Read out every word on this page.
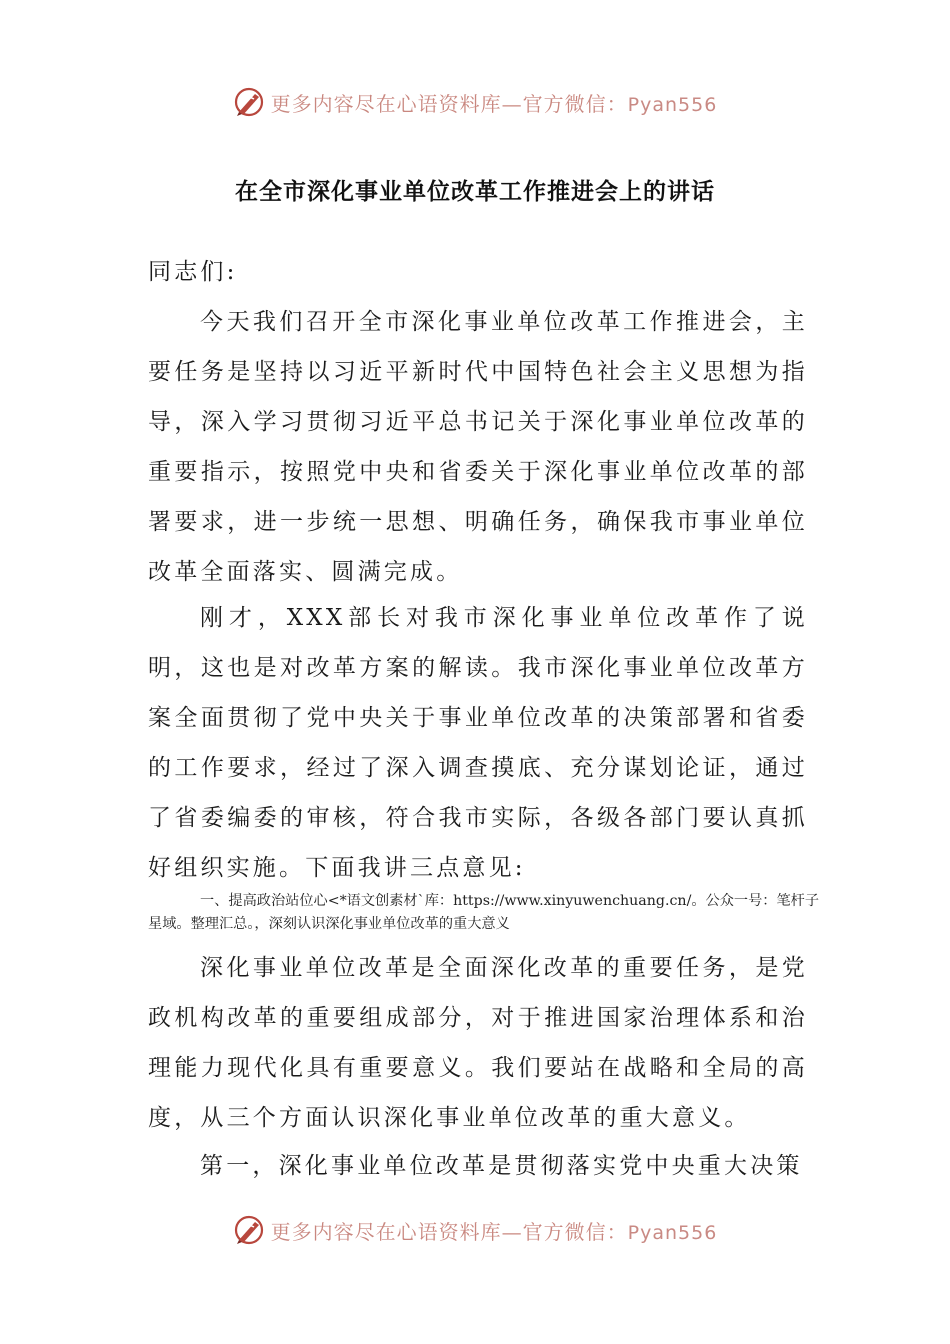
更多内容尽在心语资料库—官方微信：Pyan556
在全市深化事业单位改革工作推进会上的讲话

同志们:

今天我们召开全市深化事业单位改革工作推进会，主要任务是坚持以习近平新时代中国特色社会主义思想为指导，深入学习贯彻习近平总书记关于深化事业单位改革的重要指示，按照党中央和省委关于深化事业单位改革的部署要求，进一步统一思想、明确任务，确保我市事业单位改革全面落实、圆满完成。

刚才，XXX部长对我市深化事业单位改革作了说明，这也是对改革方案的解读。我市深化事业单位改革方案全面贯彻了党中央关于事业单位改革的决策部署和省委的工作要求，经过了深入调查摸底、充分谋划论证，通过了省委编委的审核，符合我市实际，各级各部门要认真抓好组织实施。下面我讲三点意见:

一、提高政治站位心<*语文创素材`库：https://www.xinyuwenchuang.cn/。公众一号：笔杆子星域。整理汇总。，深刻认识深化事业单位改革的重大意义

深化事业单位改革是全面深化改革的重要任务，是党政机构改革的重要组成部分，对于推进国家治理体系和治理能力现代化具有重要意义。我们要站在战略和全局的高度，从三个方面认识深化事业单位改革的重大意义。

第一，深化事业单位改革是贯彻落实党中央重大决策

更多内容尽在心语资料库—官方微信：Pyan556
